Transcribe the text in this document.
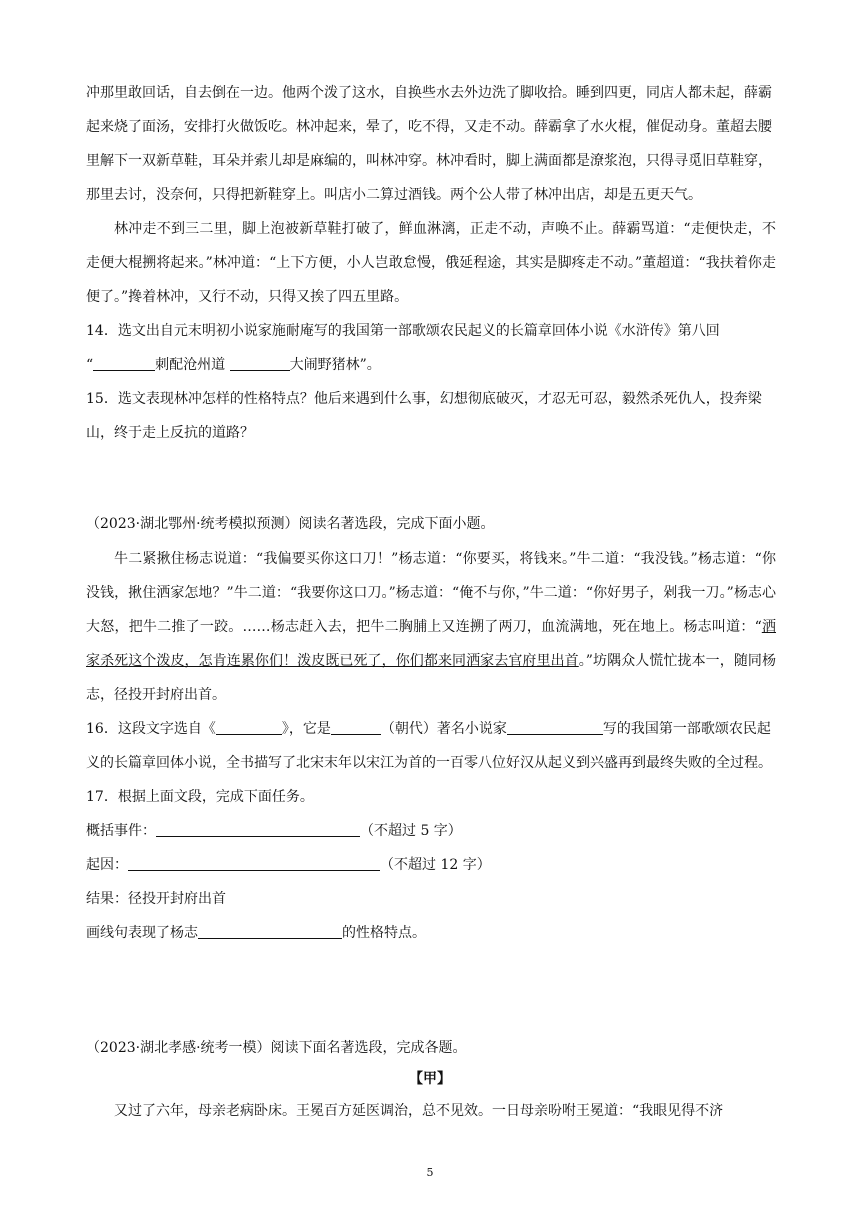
冲那里敢回话，自去倒在一边。他两个泼了这水，自换些水去外边洗了脚收拾。睡到四更，同店人都未起，薛霸起来烧了面汤，安排打火做饭吃。林冲起来，晕了，吃不得，又走不动。薛霸拿了水火棍，催促动身。董超去腰里解下一双新草鞋，耳朵并索儿却是麻编的，叫林冲穿。林冲看时，脚上满面都是潦浆泡，只得寻觅旧草鞋穿，那里去讨，没奈何，只得把新鞋穿上。叫店小二算过酒钱。两个公人带了林冲出店，却是五更天气。

林冲走不到三二里，脚上泡被新草鞋打破了，鲜血淋漓，正走不动，声唤不止。薛霸骂道：“走便快走，不走便大棍搠将起来。”林冲道：“上下方便，小人岂敢怠慢，俄延程途，其实是脚疼走不动。”董超道：“我扶着你走便了。”搀着林冲，又行不动，只得又挨了四五里路。

14．选文出自元末明初小说家施耐庵写的我国第一部歌颂农民起义的长篇章回体小说《水浒传》第八回
“	刺配沧州道	大闹野猪林”。

15．选文表现林冲怎样的性格特点？他后来遇到什么事，幻想彻底破灭，才忍无可忍，毅然杀死仇人，投奔梁山，终于走上反抗的道路？

（2023·湖北鄂州·统考模拟预测）阅读名著选段，完成下面小题。

牛二紧揪住杨志说道：“我偏要买你这口刀！”杨志道：“你要买，将钱来。”牛二道：“我没钱。”杨志道：“你没钱，揪住洒家怎地？”牛二道：“我要你这口刀。”杨志道：“俺不与你，”牛二道：“你好男子，剁我一刀。”杨志心大怒，把牛二推了一跤。……杨志赶入去，把牛二胸脯上又连搠了两刀，血流满地，死在地上。杨志叫道：“洒家杀死这个泼皮，怎肯连累你们！泼皮既已死了，你们都来同洒家去官府里出首。”坊隅众人慌忙拢本一，随同杨志，径投开封府出首。

16．这段文字选自《	》，它是	（朝代）著名小说家	写的我国第一部歌颂农民起义的长篇章回体小说，全书描写了北宋末年以宋江为首的一百零八位好汉从起义到兴盛再到最终失败的全过程。

17．根据上面文段，完成下面任务。

概括事件：	（不超过 5 字）

起因：	（不超过 12 字）

结果：径投开封府出首

画线句表现了杨志	的性格特点。

（2023·湖北孝感·统考一模）阅读下面名著选段，完成各题。
【甲】

又过了六年，母亲老病卧床。王冕百方延医调治，总不见效。一日母亲吩咐王冕道：“我眼见得不济

5
